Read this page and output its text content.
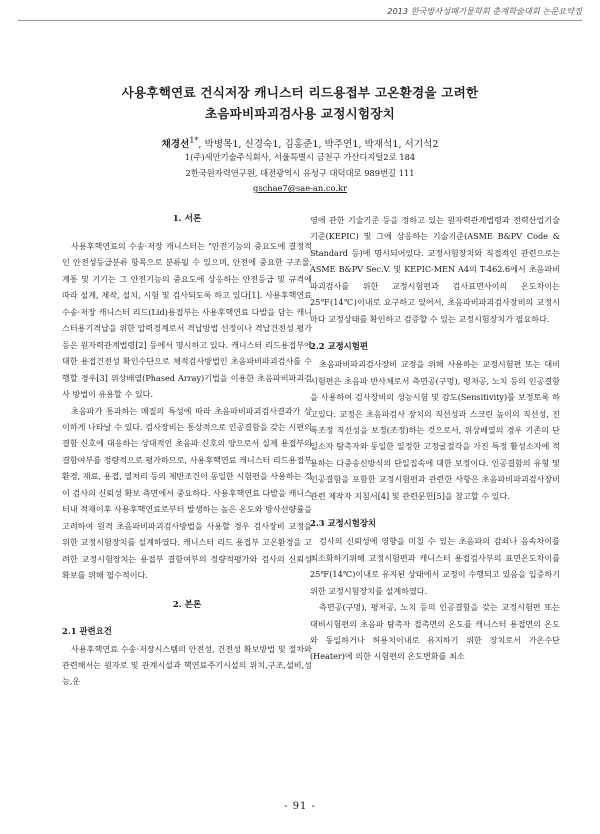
2013 한국방사성폐기물학회 춘계학술대회 논문요약집
사용후핵연료 건식저장 캐니스터 리드용접부 고온환경을 고려한
초음파비파괴검사용 교정시험장치
채경선$^{1*}$, 박병목1, 신경숙1, 김홍준1, 박주연1, 박재석1, 서기석2
1(주)세안기술주식회사, 서울특별시 금천구 가산디지털2로 184
2한국원자력연구원, 대전광역시 유성구 대덕대로 989번길 111
gschae7@sae-an.co.kr
1. 서론

사용후핵연료의 수송·저장 캐니스터는 "안전기능의 중요도에 결정적인 안전성등급분류 항목으로 분류될 수 있으며, 안전에 중요한 구조물, 계통 및 기기는 그 안전기능의 중요도에 상응하는 안전등급 및 규격에 따라 설계, 제작, 설치, 시험 및 검사되도록 하고 있다[1]. 사용후핵연료 수송·저장 캐니스터 리드(Lid)용접부는 사용후핵연료 다발을 담는 캐니스터용기격납을 위한 압력경계로서 격납방법 선정이나 격납건전성 평가 등은 원자력관계법령[2] 등에서 명시하고 있다. 캐니스터 리드용접부에 대한 용접건전성 확인수단으로 체적검사방법인 초음파비파괴검사를 수행할 경우[3] 위상배열(Phased Array)기법을 이용한 초음파비파괴검사 방법이 유용할 수 있다.

초음파가 통과하는 매질의 특성에 따라 초음파비파괴검사결과가 상이하게 나타날 수 있다. 검사장비는 통상적으로 인공결함을 갖는 시편의 결함 신호에 대응하는 상대적인 초음파 신호의 양으로서 실제 용접부의 결함여부를 정량적으로 평가하므로, 사용후핵연료 캐니스터 리드용접부 환경, 재료, 용접, 열처리 등의 제반조건이 동일한 시험편을 사용하는 것이 검사의 신뢰성 확보 측면에서 중요하다. 사용후핵연료 다발을 캐니스터내 적재이후 사용후핵연료로부터 발생하는 높은 온도와 방사선량률을 고려하여 원격 초음파비파괴검사방법을 사용할 경우 검사장비 교정을 위한 교정시험장치를 설계하였다. 캐니스터 리드 용접부 고온환경을 고려한 교정시험장치는 용접부 결함여부의 정량적평가와 검사의 신뢰성 확보를 위해 필수적이다.

2. 본론
2.1 관련요건

사용후핵연료 수송·저장시스템의 안전성, 건전성 확보방법 및 절차와 관련해서는 원자로 및 관계시설과 핵연료주기시설의 위치,구조,설비,성능,운

영에 관한 기술기준 등을 정하고 있는 원자력관계법령과 전력산업기술기준(KEPIC) 및 그에 상응하는 기술기준(ASME B&PV Code & Standard 등)에 명시되어있다. 교정시험장치와 직접적인 관련으로는 ASME B&PV Sec.V. 및 KEPIC-MEN A4의 T-462.6에서 초음파비파괴검사를 위한 교정시험편과 검사표면사이의 온도차이는 25℉(14℃)이내로 요구하고 있어서, 초음파비파괴검사장비의 교정시마다 교정상태를 확인하고 검증할 수 있는 교정시험장치가 필요하다.

2.2 교정시험편

초음파비파괴검사장비 교정을 위해 사용하는 교정시험편 또는 대비시험편은 초음파 반사체로서 측면공(구멍), 평저공, 노치 등의 인공결함을 사용하여 검사장비의 성능시험 및 감도(Sensitivity)를 보정토록 하고있다. 교정은 초음파검사 장치의 직선성과 스크린 높이의 직선성, 진폭조정 직선성을 보정(조정)하는 것으로서, 위상배열의 경우 기존의 단일소자 탐촉자와 동일한 일정한 고정굴절각을 가진 특정 활성소자에 적용하는 다중송신방식의 단일집속에 대한 보정이다. 인공결함의 유형 및 인공결함을 포함한 교정시험편과 관련한 사항은 초음파비파괴검사장비관련 제작자 지침서[4] 및 관련문헌[5]을 참고할 수 있다.

2.3 교정시험장치

검사의 신뢰성에 영향을 미칠 수 있는 초음파의 감쇠나 음속차이를 최소화하기위해 교정시험편과 캐니스터 용접검사부의 표면온도차이를 25℉(14℃)이내로 유지된 상태에서 교정이 수행되고 있음을 입증하기 위한 교정시험장치를 설계하였다.

측면공(구멍), 평저공, 노치 등의 인공결함을 갖는 교정시험편 또는 대비시험편의 초음파 탐촉자 접촉면의 온도를 캐니스터 용접면의 온도와 동일하거나 허용치이내로 유지하기 위한 장치로서 가온수단(Heater)에 의한 시험편의 온도변화를 최소

- 91 -
